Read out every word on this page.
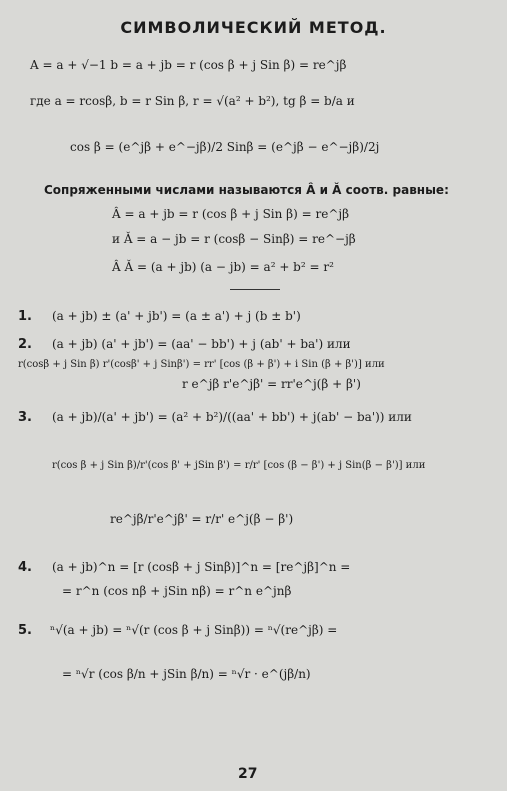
СИМВОЛИЧЕСКИЙ МЕТОД.
A = a + √−1 b = a + jb = r (cos β + j Sin β) = re^jβ
где a = rcosβ, b = r Sin β, r = √(a² + b²), tg β = b/a и
cos β = (e^jβ + e^−jβ)/2 Sinβ = (e^jβ − e^−jβ)/2j
Сопряженными числами называются Â и Ǎ соотв. равные:
Â = a + jb = r (cos β + j Sin β) = re^jβ
и Ǎ = a − jb = r (cosβ − Sinβ) = re^−jβ
Â Ǎ = (a + jb) (a − jb) = a² + b² = r²
1. (a + jb) ± (a' + jb') = (a ± a') + j (b ± b')
2. (a + jb) (a' + jb') = (aa' − bb') + j (ab' + ba') или
r(cosβ + j Sin β) r'(cosβ' + j Sinβ') = rr' [cos (β + β') + i Sin (β + β')] или
r e^jβ r'e^jβ' = rr'e^j(β + β')
3. (a + jb)/(a' + jb') = (a² + b²)/((aa' + bb') + j(ab' − ba')) или
r(cos β + j Sin β)/r'(cos β' + jSin β') = r/r' [cos (β − β') + j Sin(β − β')] или
re^jβ/r'e^jβ' = r/r' e^j(β − β')
4. (a + jb)^n = [r (cosβ + j Sinβ)]^n = [re^jβ]^n =
= r^n (cos nβ + jSin nβ) = r^n e^jnβ
5. ⁿ√(a + jb) = ⁿ√(r (cos β + j Sinβ)) = ⁿ√(re^jβ) =
= ⁿ√r (cos β/n + jSin β/n) = ⁿ√r · e^(jβ/n)
27
